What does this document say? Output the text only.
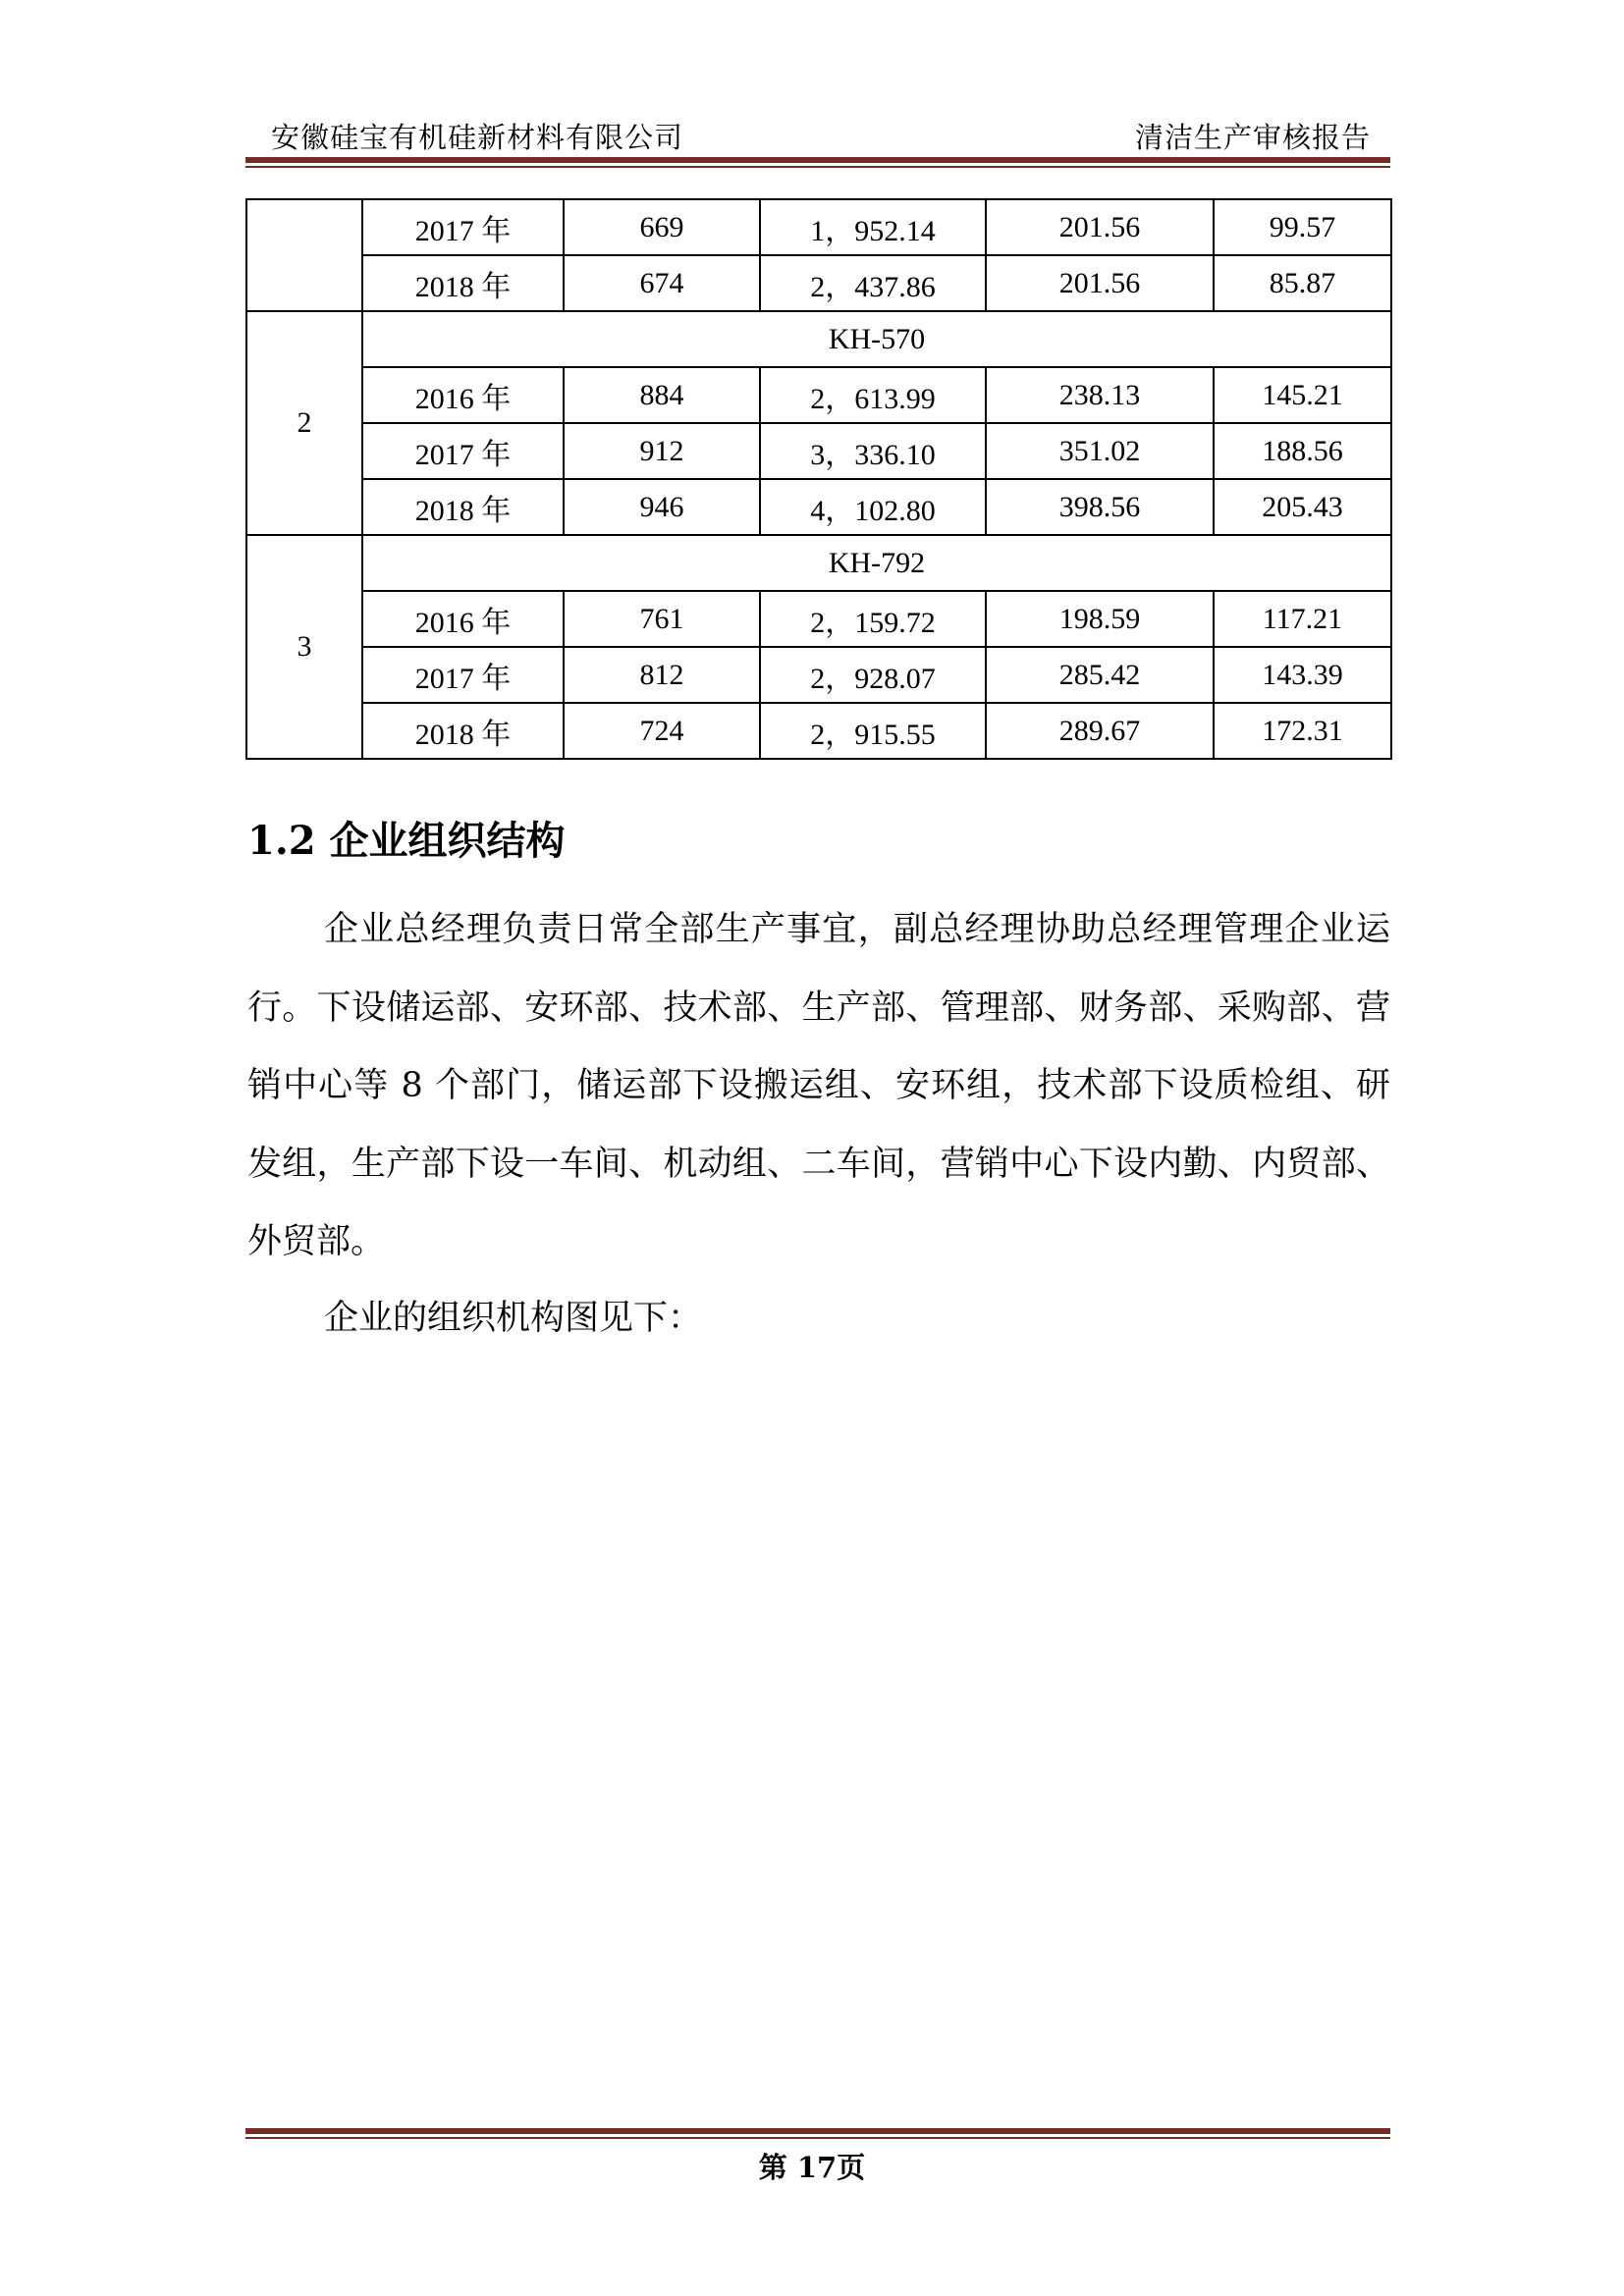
安徽硅宝有机硅新材料有限公司	清洁生产审核报告
	2017 年	669	1，952.14	201.56	99.57
	2018 年	674	2，437.86	201.56	85.87
2	KH-570				
	2016 年	884	2，613.99	238.13	145.21
	2017 年	912	3，336.10	351.02	188.56
	2018 年	946	4，102.80	398.56	205.43
3	KH-792				
	2016 年	761	2，159.72	198.59	117.21
	2017 年	812	2，928.07	285.42	143.39
	2018 年	724	2，915.55	289.67	172.31
1.2 企业组织结构
企业总经理负责日常全部生产事宜，副总经理协助总经理管理企业运行。下设储运部、安环部、技术部、生产部、管理部、财务部、采购部、营销中心等 8 个部门，储运部下设搬运组、安环组，技术部下设质检组、研发组，生产部下设一车间、机动组、二车间，营销中心下设内勤、内贸部、外贸部。
企业的组织机构图见下：
第 17页
